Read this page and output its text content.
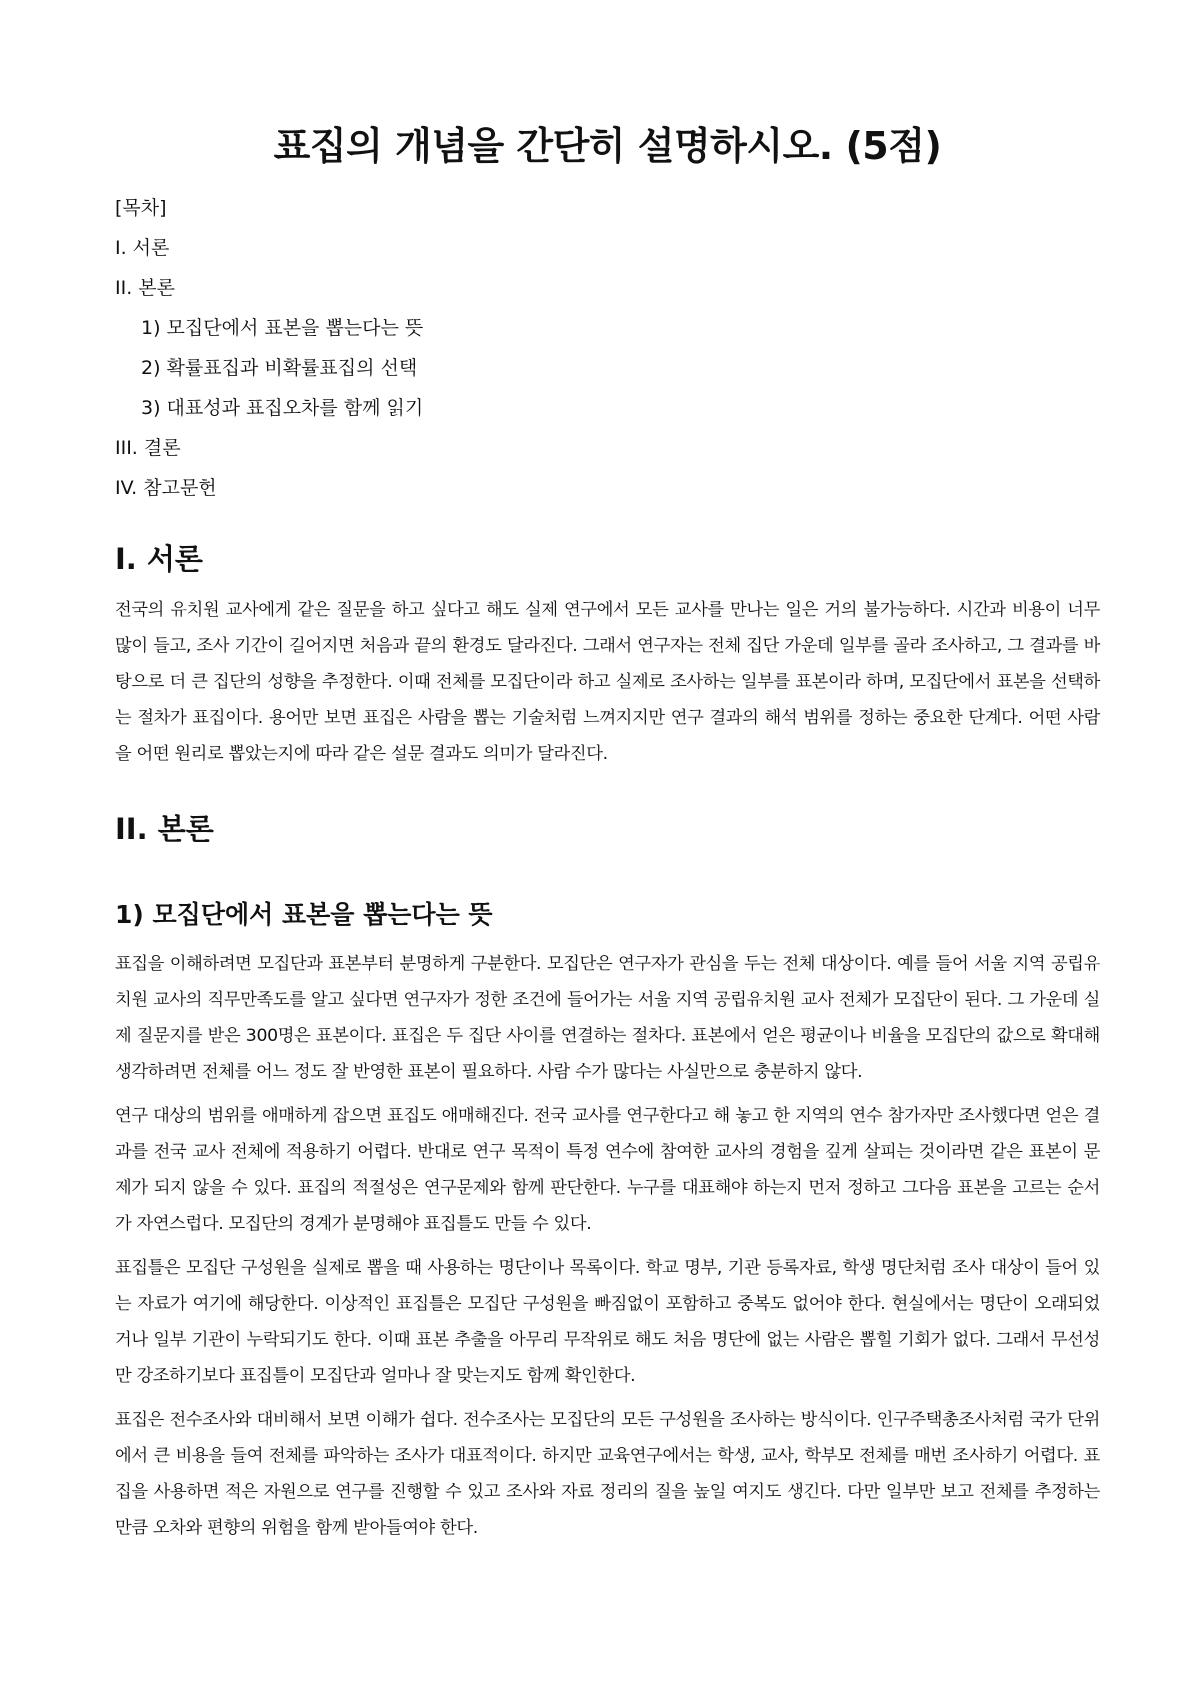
표집의 개념을 간단히 설명하시오. (5점)
[목차]
I. 서론
II. 본론
1) 모집단에서 표본을 뽑는다는 뜻
2) 확률표집과 비확률표집의 선택
3) 대표성과 표집오차를 함께 읽기
III. 결론
IV. 참고문헌
I. 서론

전국의 유치원 교사에게 같은 질문을 하고 싶다고 해도 실제 연구에서 모든 교사를 만나는 일은 거의 불가능하다. 시간과 비용이 너무 많이 들고, 조사 기간이 길어지면 처음과 끝의 환경도 달라진다. 그래서 연구자는 전체 집단 가운데 일부를 골라 조사하고, 그 결과를 바탕으로 더 큰 집단의 성향을 추정한다. 이때 전체를 모집단이라 하고 실제로 조사하는 일부를 표본이라 하며, 모집단에서 표본을 선택하는 절차가 표집이다. 용어만 보면 표집은 사람을 뽑는 기술처럼 느껴지지만 연구 결과의 해석 범위를 정하는 중요한 단계다. 어떤 사람을 어떤 원리로 뽑았는지에 따라 같은 설문 결과도 의미가 달라진다.

II. 본론
1) 모집단에서 표본을 뽑는다는 뜻

표집을 이해하려면 모집단과 표본부터 분명하게 구분한다. 모집단은 연구자가 관심을 두는 전체 대상이다. 예를 들어 서울 지역 공립유치원 교사의 직무만족도를 알고 싶다면 연구자가 정한 조건에 들어가는 서울 지역 공립유치원 교사 전체가 모집단이 된다. 그 가운데 실제 질문지를 받은 300명은 표본이다. 표집은 두 집단 사이를 연결하는 절차다. 표본에서 얻은 평균이나 비율을 모집단의 값으로 확대해 생각하려면 전체를 어느 정도 잘 반영한 표본이 필요하다. 사람 수가 많다는 사실만으로 충분하지 않다.

연구 대상의 범위를 애매하게 잡으면 표집도 애매해진다. 전국 교사를 연구한다고 해 놓고 한 지역의 연수 참가자만 조사했다면 얻은 결과를 전국 교사 전체에 적용하기 어렵다. 반대로 연구 목적이 특정 연수에 참여한 교사의 경험을 깊게 살피는 것이라면 같은 표본이 문제가 되지 않을 수 있다. 표집의 적절성은 연구문제와 함께 판단한다. 누구를 대표해야 하는지 먼저 정하고 그다음 표본을 고르는 순서가 자연스럽다. 모집단의 경계가 분명해야 표집틀도 만들 수 있다.

표집틀은 모집단 구성원을 실제로 뽑을 때 사용하는 명단이나 목록이다. 학교 명부, 기관 등록자료, 학생 명단처럼 조사 대상이 들어 있는 자료가 여기에 해당한다. 이상적인 표집틀은 모집단 구성원을 빠짐없이 포함하고 중복도 없어야 한다. 현실에서는 명단이 오래되었거나 일부 기관이 누락되기도 한다. 이때 표본 추출을 아무리 무작위로 해도 처음 명단에 없는 사람은 뽑힐 기회가 없다. 그래서 무선성만 강조하기보다 표집틀이 모집단과 얼마나 잘 맞는지도 함께 확인한다.

표집은 전수조사와 대비해서 보면 이해가 쉽다. 전수조사는 모집단의 모든 구성원을 조사하는 방식이다. 인구주택총조사처럼 국가 단위에서 큰 비용을 들여 전체를 파악하는 조사가 대표적이다. 하지만 교육연구에서는 학생, 교사, 학부모 전체를 매번 조사하기 어렵다. 표집을 사용하면 적은 자원으로 연구를 진행할 수 있고 조사와 자료 정리의 질을 높일 여지도 생긴다. 다만 일부만 보고 전체를 추정하는 만큼 오차와 편향의 위험을 함께 받아들여야 한다.
